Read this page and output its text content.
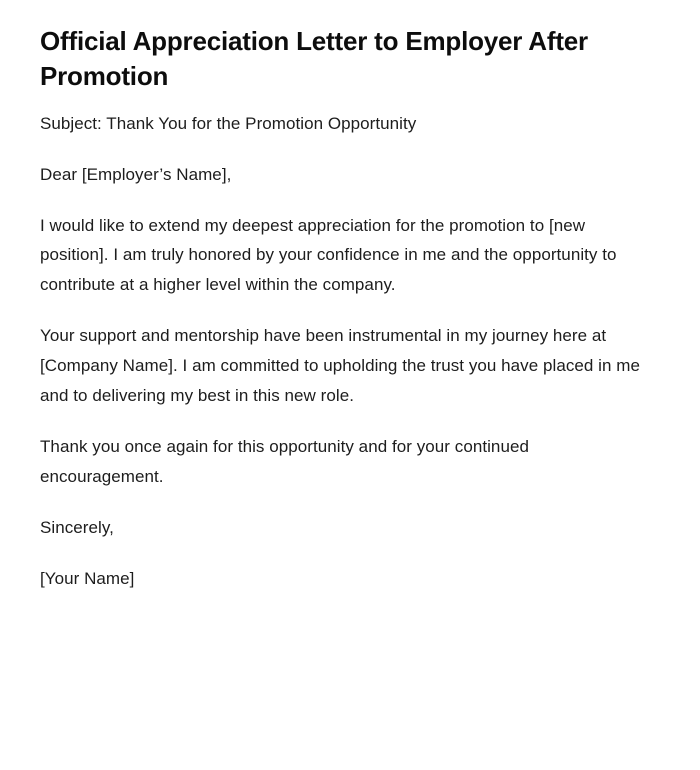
Official Appreciation Letter to Employer After Promotion

Subject: Thank You for the Promotion Opportunity

Dear [Employer’s Name],

I would like to extend my deepest appreciation for the promotion to [new position]. I am truly honored by your confidence in me and the opportunity to contribute at a higher level within the company.

Your support and mentorship have been instrumental in my journey here at [Company Name]. I am committed to upholding the trust you have placed in me and to delivering my best in this new role.

Thank you once again for this opportunity and for your continued encouragement.

Sincerely,

[Your Name]
